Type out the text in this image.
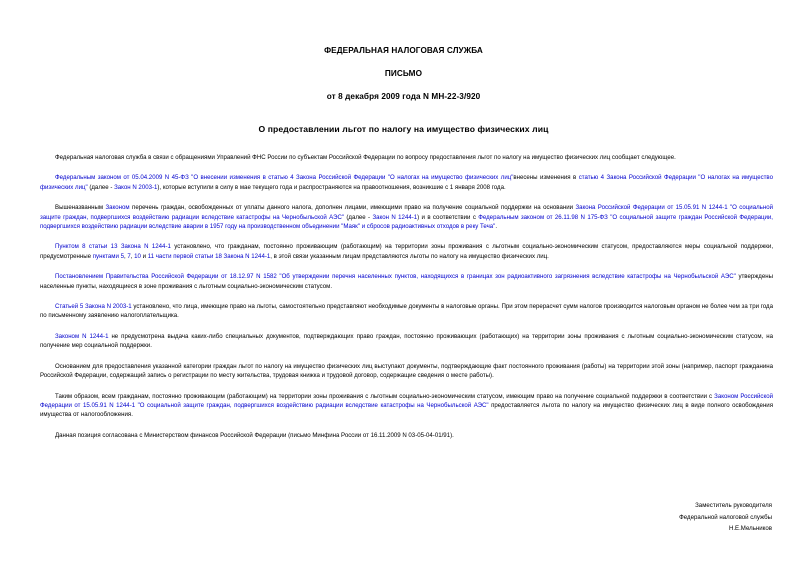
ФЕДЕРАЛЬНАЯ НАЛОГОВАЯ СЛУЖБА
ПИСЬМО
от 8 декабря 2009 года N МН-22-3/920
О предоставлении льгот по налогу на имущество физических лиц

Федеральная налоговая служба в связи с обращениями Управлений ФНС России по субъектам Российской Федерации по вопросу предоставления льгот по налогу на имущество физических лиц сообщает следующее.

Федеральным законом от 05.04.2009 N 45-ФЗ "О внесении изменения в статью 4 Закона Российской Федерации "О налогах на имущество физических лиц"внесены изменения в статью 4 Закона Российской Федерации "О налогах на имущество физических лиц" (далее - Закон N 2003-1), которые вступили в силу в мае текущего года и распространяются на правоотношения, возникшие с 1 января 2008 года.

Вышеназванным Законом перечень граждан, освобожденных от уплаты данного налога, дополнен лицами, имеющими право на получение социальной поддержки на основании Закона Российской Федерации от 15.05.91 N 1244-1 "О социальной защите граждан, подвергшихся воздействию радиации вследствие катастрофы на Чернобыльской АЭС" (далее - Закон N 1244-1) и в соответствии с Федеральным законом от 26.11.98 N 175-ФЗ "О социальной защите граждан Российской Федерации, подвергшихся воздействию радиации вследствие аварии в 1957 году на производственном объединении "Маяк" и сбросов радиоактивных отходов в реку Теча".

Пунктом 8 статьи 13 Закона N 1244-1 установлено, что гражданам, постоянно проживающим (работающим) на территории зоны проживания с льготным социально-экономическим статусом, предоставляются меры социальной поддержки, предусмотренные пунктами 5, 7, 10 и 11 части первой статьи 18 Закона N 1244-1, в этой связи указанным лицам представляются льготы по налогу на имущество физических лиц.

Постановлением Правительства Российской Федерации от 18.12.97 N 1582 "Об утверждении перечня населенных пунктов, находящихся в границах зон радиоактивного загрязнения вследствие катастрофы на Чернобыльской АЭС" утверждены населенные пункты, находящиеся в зоне проживания с льготным социально-экономическим статусом.

Статьей 5 Закона N 2003-1 установлено, что лица, имеющие право на льготы, самостоятельно представляют необходимые документы в налоговые органы. При этом перерасчет сумм налогов производится налоговым органом не более чем за три года по письменному заявлению налогоплательщика.

Законом N 1244-1 не предусмотрена выдача каких-либо специальных документов, подтверждающих право граждан, постоянно проживающих (работающих) на территории зоны проживания с льготным социально-экономическим статусом, на получение мер социальной поддержки.

Основанием для предоставления указанной категории граждан льгот по налогу на имущество физических лиц выступают документы, подтверждающие факт постоянного проживания (работы) на территории этой зоны (например, паспорт гражданина Российской Федерации, содержащий запись о регистрации по месту жительства, трудовая книжка и трудовой договор, содержащие сведения о месте работы).

Таким образом, всем гражданам, постоянно проживающим (работающим) на территории зоны проживания с льготным социально-экономическим статусом, имеющим право на получение социальной поддержки в соответствии с Законом Российской Федерации от 15.05.91 N 1244-1 "О социальной защите граждан, подвергшихся воздействию радиации вследствие катастрофы на Чернобыльской АЭС" предоставляется льгота по налогу на имущество физических лиц в виде полного освобождения имущества от налогообложения.

Данная позиция согласована с Министерством финансов Российской Федерации (письмо Минфина России от 16.11.2009 N 03-05-04-01/91).

Заместитель руководителя
Федеральной налоговой службы
Н.Е.Мельников
